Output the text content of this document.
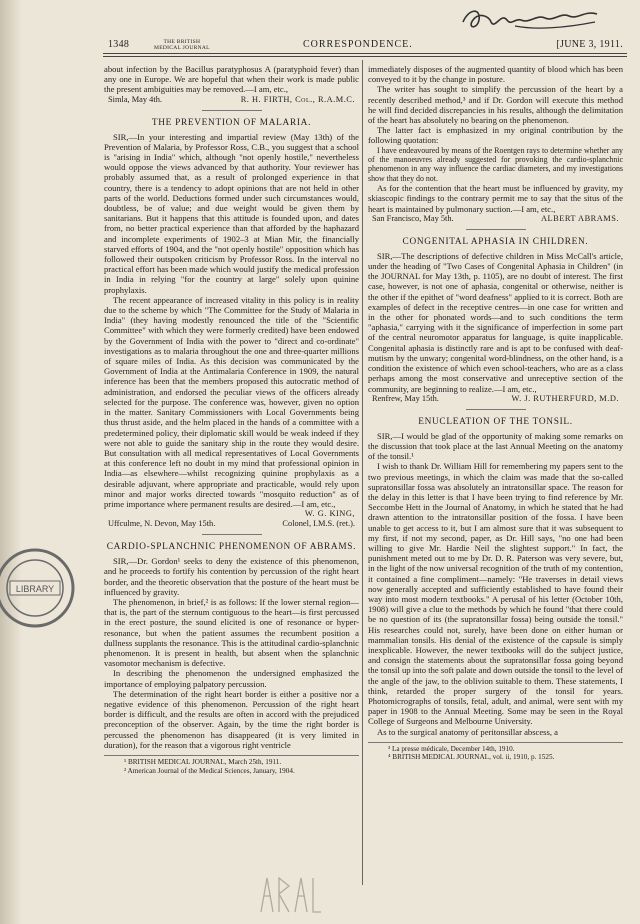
1348	THE BRITISH
MEDICAL JOURNAL	CORRESPONDENCE.	[JUNE 3, 1911.

about infection by the Bacillus paratyphosus A (paratyphoid fever) than any one in Europe. We are hopeful that when their work is made public the present ambiguities may be removed.—I am, etc.,

Simla, May 4th.	R. H. FIRTH, Col., R.A.M.C.
THE PREVENTION OF MALARIA.

SIR,—In your interesting and impartial review (May 13th) of the Prevention of Malaria, by Professor Ross, C.B., you suggest that a school is "arising in India" which, although "not openly hostile," nevertheless would oppose the views advanced by that authority. Your reviewer has probably assumed that, as a result of prolonged experience in that country, there is a tendency to adopt opinions that are not held in other parts of the world. Deductions formed under such circumstances would, doubtless, be of value; and due weight would be given them by sanitarians. But it happens that this attitude is founded upon, and dates from, no better practical experience than that afforded by the haphazard and incomplete experiments of 1902–3 at Mian Mir, the financially starved efforts of 1904, and the "not openly hostile" opposition which has followed their outspoken criticism by Professor Ross. In the interval no practical effort has been made which would justify the medical profession in India in relying "for the country at large" solely upon quinine prophylaxis.

The recent appearance of increased vitality in this policy is in reality due to the scheme by which "The Committee for the Study of Malaria in India" (they having modestly renounced the title of the "Scientific Committee" with which they were formerly credited) have been endowed by the Government of India with the power to "direct and co-ordinate" investigations as to malaria throughout the one and three-quarter millions of square miles of India. As this decision was communicated by the Government of India at the Antimalaria Conference in 1909, the natural inference has been that the members proposed this autocratic method of administration, and endorsed the peculiar views of the officers already selected for the purpose. The conference was, however, given no option in the matter. Sanitary Commissioners with Local Governments being thus thrust aside, and the helm placed in the hands of a committee with a predetermined policy, their diplomatic skill would be weak indeed if they were not able to guide the sanitary ship in the route they would desire. But consultation with all medical representatives of Local Governments at this conference left no doubt in my mind that professional opinion in India—as elsewhere—whilst recognizing quinine prophylaxis as a desirable adjuvant, where appropriate and practicable, would rely upon minor and major works directed towards "mosquito reduction" as of prime importance where permanent results are desired.—I am, etc.,

W. G. KING,
Uffculme, N. Devon, May 15th.	Colonel, I.M.S. (ret.).
CARDIO-SPLANCHNIC PHENOMENON OF ABRAMS.

SIR,—Dr. Gordon¹ seeks to deny the existence of this phenomenon, and he proceeds to fortify his contention by percussion of the right heart border, and the theoretic observation that the posture of the heart must be influenced by gravity.

The phenomenon, in brief,² is as follows: If the lower sternal region—that is, the part of the sternum contiguous to the heart—is first percussed in the erect posture, the sound elicited is one of resonance or hyper-resonance, but when the patient assumes the recumbent position a dullness supplants the resonance. This is the attitudinal cardio-splanchnic phenomenon. It is present in health, but absent when the splanchnic vasomotor mechanism is defective.

In describing the phenomenon the undersigned emphasized the importance of employing palpatory percussion.

The determination of the right heart border is either a positive nor a negative evidence of this phenomenon. Percussion of the right heart border is difficult, and the results are often in accord with the prejudiced preconception of the observer. Again, by the time the right border is percussed the phenomenon has disappeared (it is very limited in duration), for the reason that a vigorous right ventricle

¹ BRITISH MEDICAL JOURNAL, March 25th, 1911.
² American Journal of the Medical Sciences, January, 1904.

immediately disposes of the augmented quantity of blood which has been conveyed to it by the change in posture.

The writer has sought to simplify the percussion of the heart by a recently described method,³ and if Dr. Gordon will execute this method he will find decided discrepancies in his results, although the delimitation of the heart has absolutely no bearing on the phenomenon.

The latter fact is emphasized in my original contribution by the following quotation:

I have endeavoured by means of the Roentgen rays to determine whether any of the manoeuvres already suggested for provoking the cardio-splanchnic phenomenon in any way influence the cardiac diameters, and my investigations show that they do not.

As for the contention that the heart must be influenced by gravity, my skiascopic findings to the contrary permit me to say that the situs of the heart is maintained by pulmonary suction.—I am, etc.,

San Francisco, May 5th.	ALBERT ABRAMS.
CONGENITAL APHASIA IN CHILDREN.

SIR,—The descriptions of defective children in Miss McCall's article, under the heading of "Two Cases of Congenital Aphasia in Children" (in the JOURNAL for May 13th, p. 1105), are no doubt of interest. The first case, however, is not one of aphasia, congenital or otherwise, neither is the other if the epithet of "word deafness" applied to it is correct. Both are examples of defect in the receptive centres—in one case for written and in the other for phonated words—and to such conditions the term "aphasia," carrying with it the significance of imperfection in some part of the central neuromotor apparatus for language, is quite inapplicable. Congenital aphasia is distinctly rare and is apt to be confused with deaf-mutism by the unwary; congenital word-blindness, on the other hand, is a condition the existence of which even school-teachers, who are as a class perhaps among the most conservative and unreceptive section of the community, are beginning to realize.—I am, etc.,

Renfrew, May 15th.	W. J. RUTHERFURD, M.D.
ENUCLEATION OF THE TONSIL.

SIR,—I would be glad of the opportunity of making some remarks on the discussion that took place at the last Annual Meeting on the anatomy of the tonsil.¹

I wish to thank Dr. William Hill for remembering my papers sent to the two previous meetings, in which the claim was made that the so-called supratonsillar fossa was absolutely an intratonsillar space. The reason for the delay in this letter is that I have been trying to find reference by Mr. Seccombe Hett in the Journal of Anatomy, in which he stated that he had drawn attention to the intratonsillar position of the fossa. I have been unable to get access to it, but I am almost sure that it was subsequent to my first, if not my second, paper, as Dr. Hill says, "no one had been willing to give Mr. Hardie Neil the slightest support." In fact, the punishment meted out to me by Dr. D. R. Paterson was very severe, but, in the light of the now universal recognition of the truth of my contention, it contained a fine compliment—namely: "He traverses in detail views now generally accepted and sufficiently established to have found their way into most modern textbooks." A perusal of his letter (October 10th, 1908) will give a clue to the methods by which he found "that there could be no question of its (the supratonsillar fossa) being outside the tonsil." His researches could not, surely, have been done on either human or mammalian tonsils. His denial of the existence of the capsule is simply inexplicable. However, the newer textbooks will do the subject justice, and consign the statements about the supratonsillar fossa going beyond the tonsil up into the soft palate and down outside the tonsil to the level of the angle of the jaw, to the oblivion suitable to them. These statements, I think, retarded the proper surgery of the tonsil for years. Photomicrographs of tonsils, fetal, adult, and animal, were sent with my paper in 1908 to the Annual Meeting. Some may be seen in the Royal College of Surgeons and Melbourne University.

As to the surgical anatomy of peritonsillar abscess, a

³ La presse médicale, December 14th, 1910.
⁴ BRITISH MEDICAL JOURNAL, vol. ii, 1910, p. 1525.
LIBRARY
